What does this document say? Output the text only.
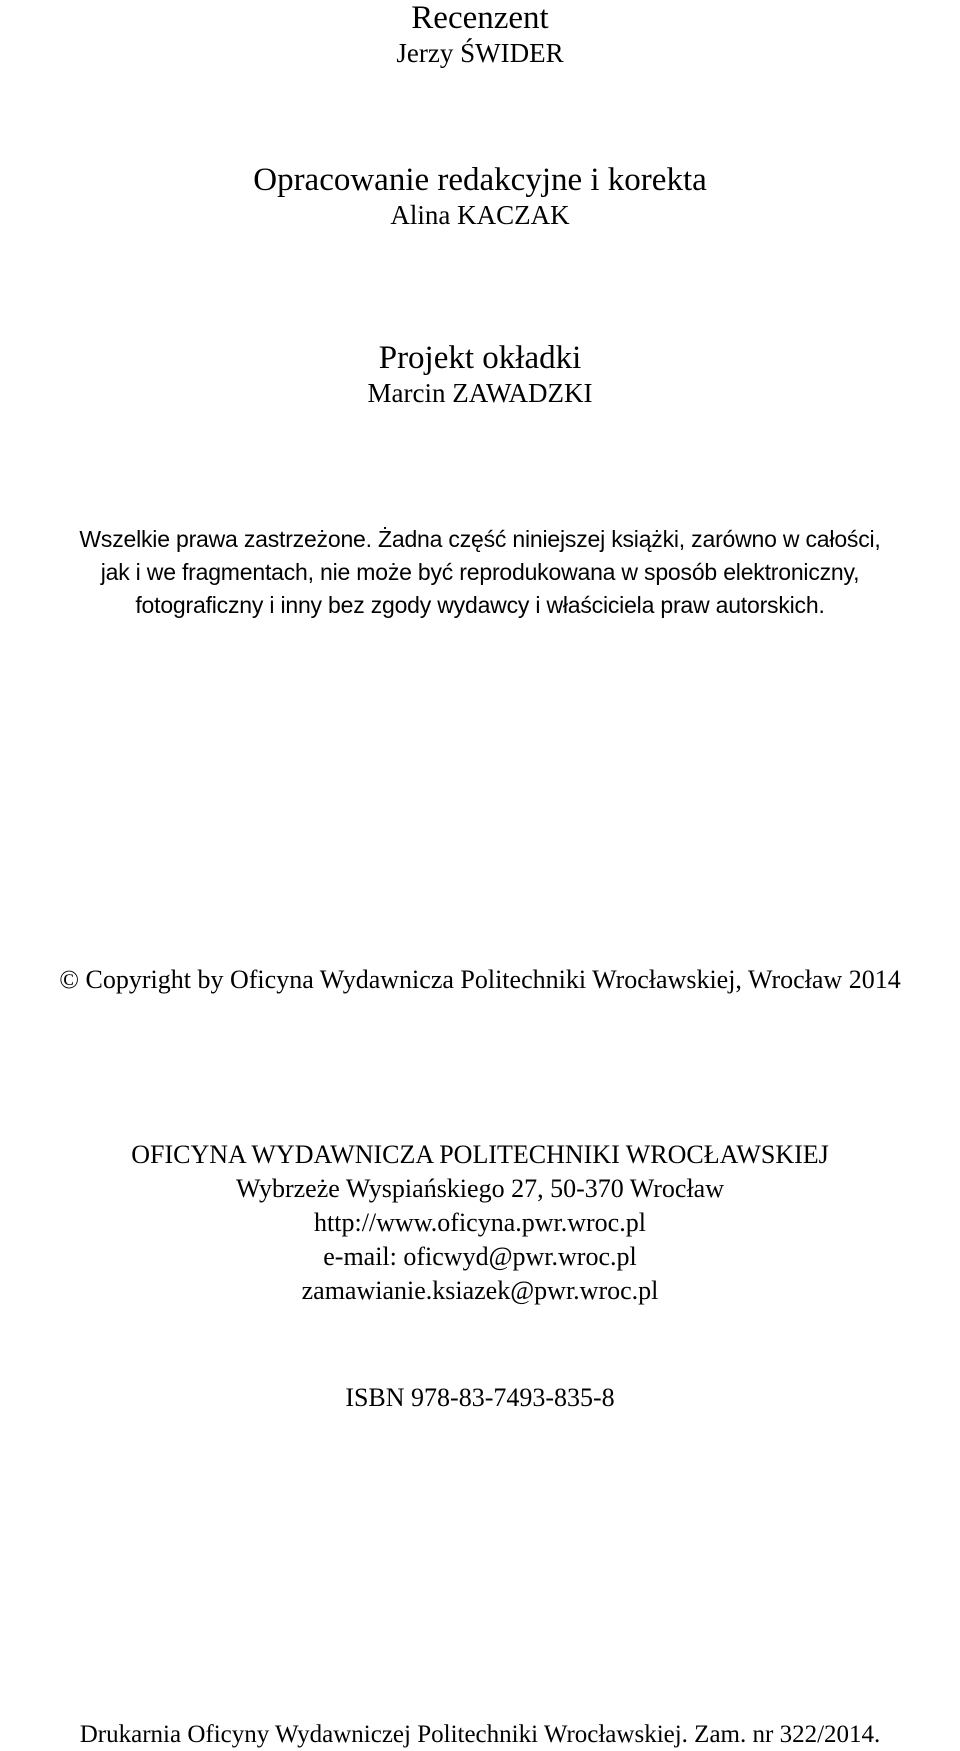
Recenzent
Jerzy ŚWIDER
Opracowanie redakcyjne i korekta
Alina KACZAK
Projekt okładki
Marcin ZAWADZKI
Wszelkie prawa zastrzeżone. Żadna część niniejszej książki, zarówno w całości,
jak i we fragmentach, nie może być reprodukowana w sposób elektroniczny,
fotograficzny i inny bez zgody wydawcy i właściciela praw autorskich.
© Copyright by Oficyna Wydawnicza Politechniki Wrocławskiej, Wrocław 2014
OFICYNA WYDAWNICZA POLITECHNIKI WROCŁAWSKIEJ
Wybrzeże Wyspiańskiego 27, 50-370 Wrocław
http://www.oficyna.pwr.wroc.pl
e-mail: oficwyd@pwr.wroc.pl
zamawianie.ksiazek@pwr.wroc.pl
ISBN 978-83-7493-835-8
Drukarnia Oficyny Wydawniczej Politechniki Wrocławskiej. Zam. nr 322/2014.
